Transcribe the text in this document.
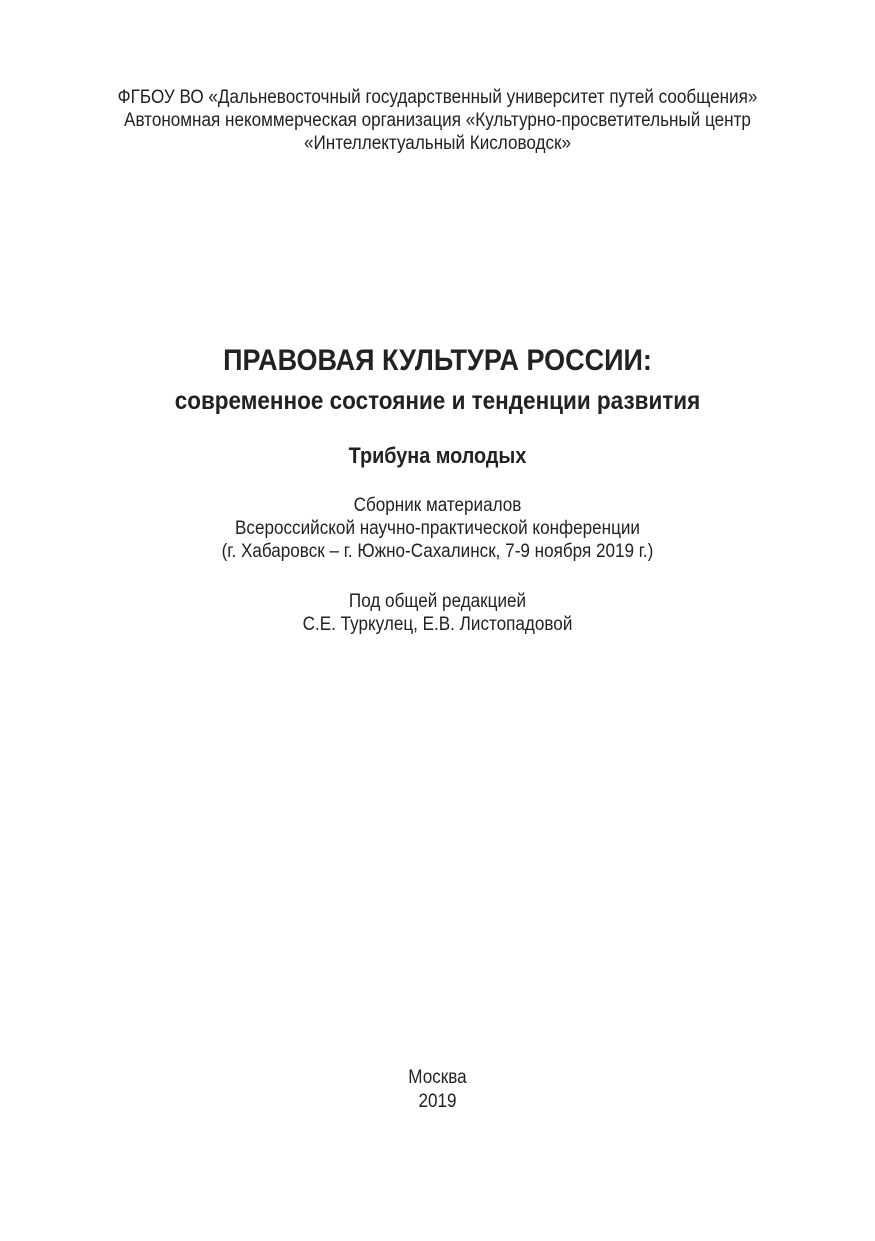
ФГБОУ ВО «Дальневосточный государственный университет путей сообщения»
Автономная некоммерческая организация «Культурно-просветительный центр
«Интеллектуальный Кисловодск»
ПРАВОВАЯ КУЛЬТУРА РОССИИ:
современное состояние и тенденции развития
Трибуна молодых
Сборник материалов
Всероссийской научно-практической конференции
(г. Хабаровск – г. Южно-Сахалинск, 7-9 ноября 2019 г.)
Под общей редакцией
С.Е. Туркулец, Е.В. Листопадовой
Москва
2019
